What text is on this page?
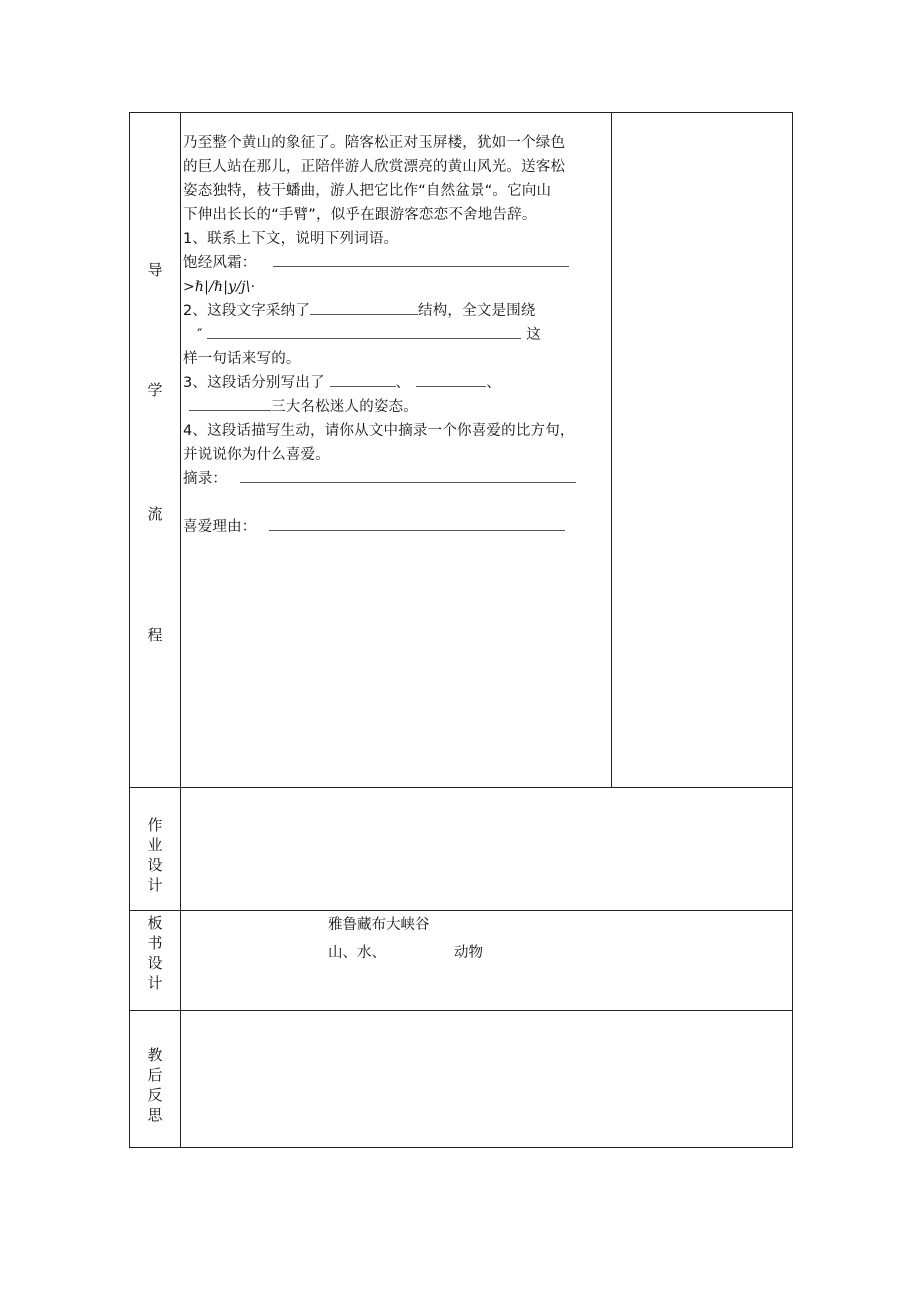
导
学
流
程
乃至整个黄山的象征了。陪客松正对玉屏楼，犹如一个绿色
的巨人站在那儿，正陪伴游人欣赏漂亮的黄山风光。送客松
姿态独特，枝干蟠曲，游人把它比作“自然盆景“。它向山
下伸出长长的“手臂”，似乎在跟游客恋恋不舍地告辞。
1、联系上下文，说明下列词语。
饱经风霜：
>ℏ|/ℏ|y/j\·
2、这段文字采纳了	结构，全文是围绕
″	这
样一句话来写的。
3、这段话分别写出了	、	、
三大名松迷人的姿态。
4、这段话描写生动，请你从文中摘录一个你喜爱的比方句，
并说说你为什么喜爱。
摘录：
喜爱理由：
作
业
设
计
板
书
设
计
雅鲁藏布大峡谷
山、水、	动物
教
后
反
思
